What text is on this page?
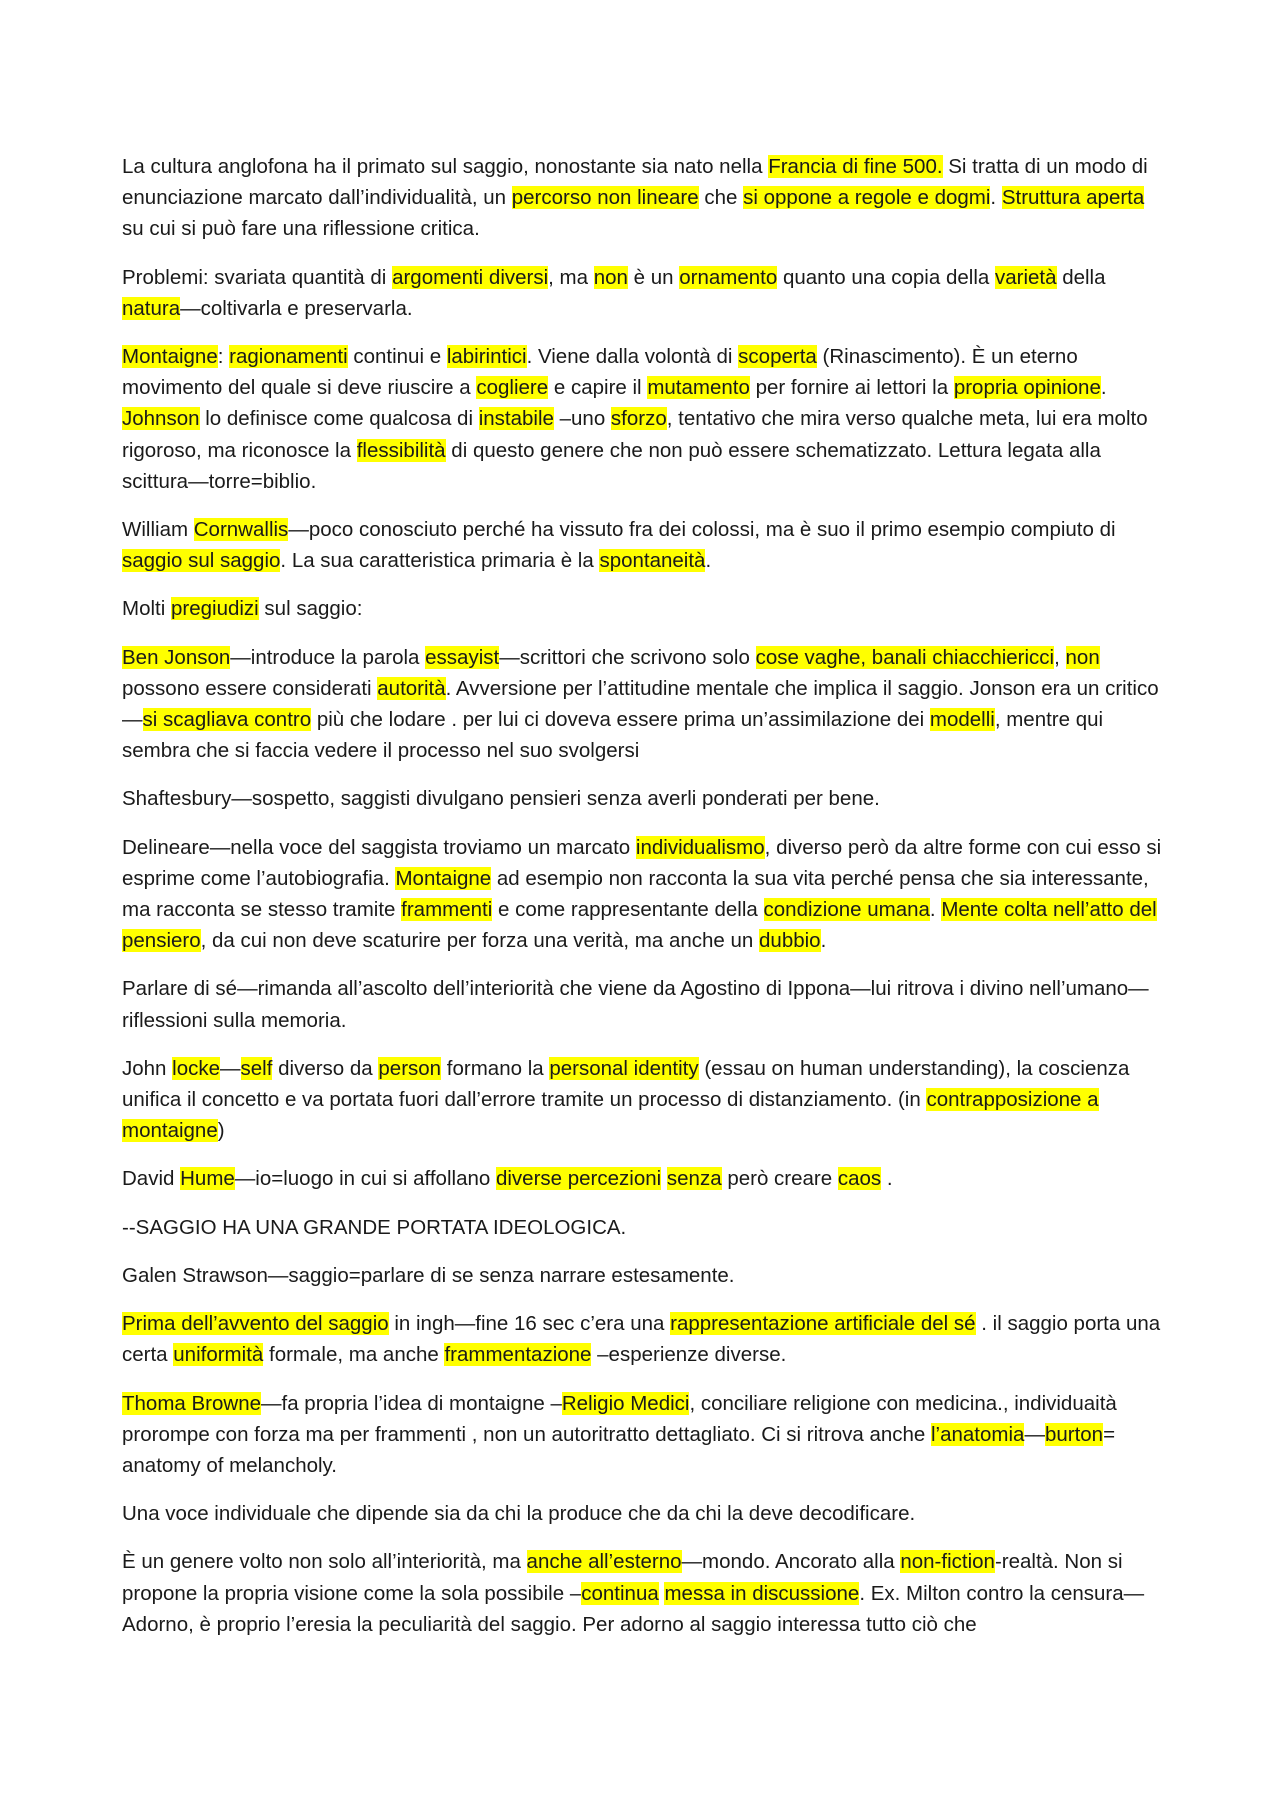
La cultura anglofona ha il primato sul saggio, nonostante sia nato nella Francia di fine 500. Si tratta di un modo di enunciazione marcato dall’individualità, un percorso non lineare che si oppone a regole e dogmi. Struttura aperta su cui si può fare una riflessione critica.

Problemi: svariata quantità di argomenti diversi, ma non è un ornamento quanto una copia della varietà della natura—coltivarla e preservarla.

Montaigne: ragionamenti continui e labirintici. Viene dalla volontà di scoperta (Rinascimento). È un eterno movimento del quale si deve riuscire a cogliere e capire il mutamento per fornire ai lettori la propria opinione. Johnson lo definisce come qualcosa di instabile –uno sforzo, tentativo che mira verso qualche meta, lui era molto rigoroso, ma riconosce la flessibilità di questo genere che non può essere schematizzato. Lettura legata alla scittura—torre=biblio.

William Cornwallis—poco conosciuto perché ha vissuto fra dei colossi, ma è suo il primo esempio compiuto di saggio sul saggio. La sua caratteristica primaria è la spontaneità.

Molti pregiudizi sul saggio:

Ben Jonson—introduce la parola essayist—scrittori che scrivono solo cose vaghe, banali chiacchiericci, non possono essere considerati autorità. Avversione per l’attitudine mentale che implica il saggio. Jonson era un critico—si scagliava contro più che lodare . per lui ci doveva essere prima un’assimilazione dei modelli, mentre qui sembra che si faccia vedere il processo nel suo svolgersi

Shaftesbury—sospetto, saggisti divulgano pensieri senza averli ponderati per bene.

Delineare—nella voce del saggista troviamo un marcato individualismo, diverso però da altre forme con cui esso si esprime come l’autobiografia. Montaigne ad esempio non racconta la sua vita perché pensa che sia interessante, ma racconta se stesso tramite frammenti e come rappresentante della condizione umana. Mente colta nell’atto del pensiero, da cui non deve scaturire per forza una verità, ma anche un dubbio.

Parlare di sé—rimanda all’ascolto dell’interiorità che viene da Agostino di Ippona—lui ritrova i divino nell’umano—riflessioni sulla memoria.

John locke—self diverso da person formano la personal identity (essau on human understanding), la coscienza unifica il concetto e va portata fuori dall’errore tramite un processo di distanziamento. (in contrapposizione a montaigne)

David Hume—io=luogo in cui si affollano diverse percezioni senza però creare caos .

--SAGGIO HA UNA GRANDE PORTATA IDEOLOGICA.

Galen Strawson—saggio=parlare di se senza narrare estesamente.

Prima dell’avvento del saggio in ingh—fine 16 sec c’era una rappresentazione artificiale del sé . il saggio porta una certa uniformità formale, ma anche frammentazione –esperienze diverse.

Thoma Browne—fa propria l’idea di montaigne –Religio Medici, conciliare religione con medicina., individuaità prorompe con forza ma per frammenti , non un autoritratto dettagliato. Ci si ritrova anche l’anatomia—burton= anatomy of melancholy.

Una voce individuale che dipende sia da chi la produce che da chi la deve decodificare.

È un genere volto non solo all’interiorità, ma anche all’esterno—mondo. Ancorato alla non-fiction-realtà. Non si propone la propria visione come la sola possibile –continua messa in discussione. Ex. Milton contro la censura—Adorno, è proprio l’eresia la peculiarità del saggio. Per adorno al saggio interessa tutto ciò che
